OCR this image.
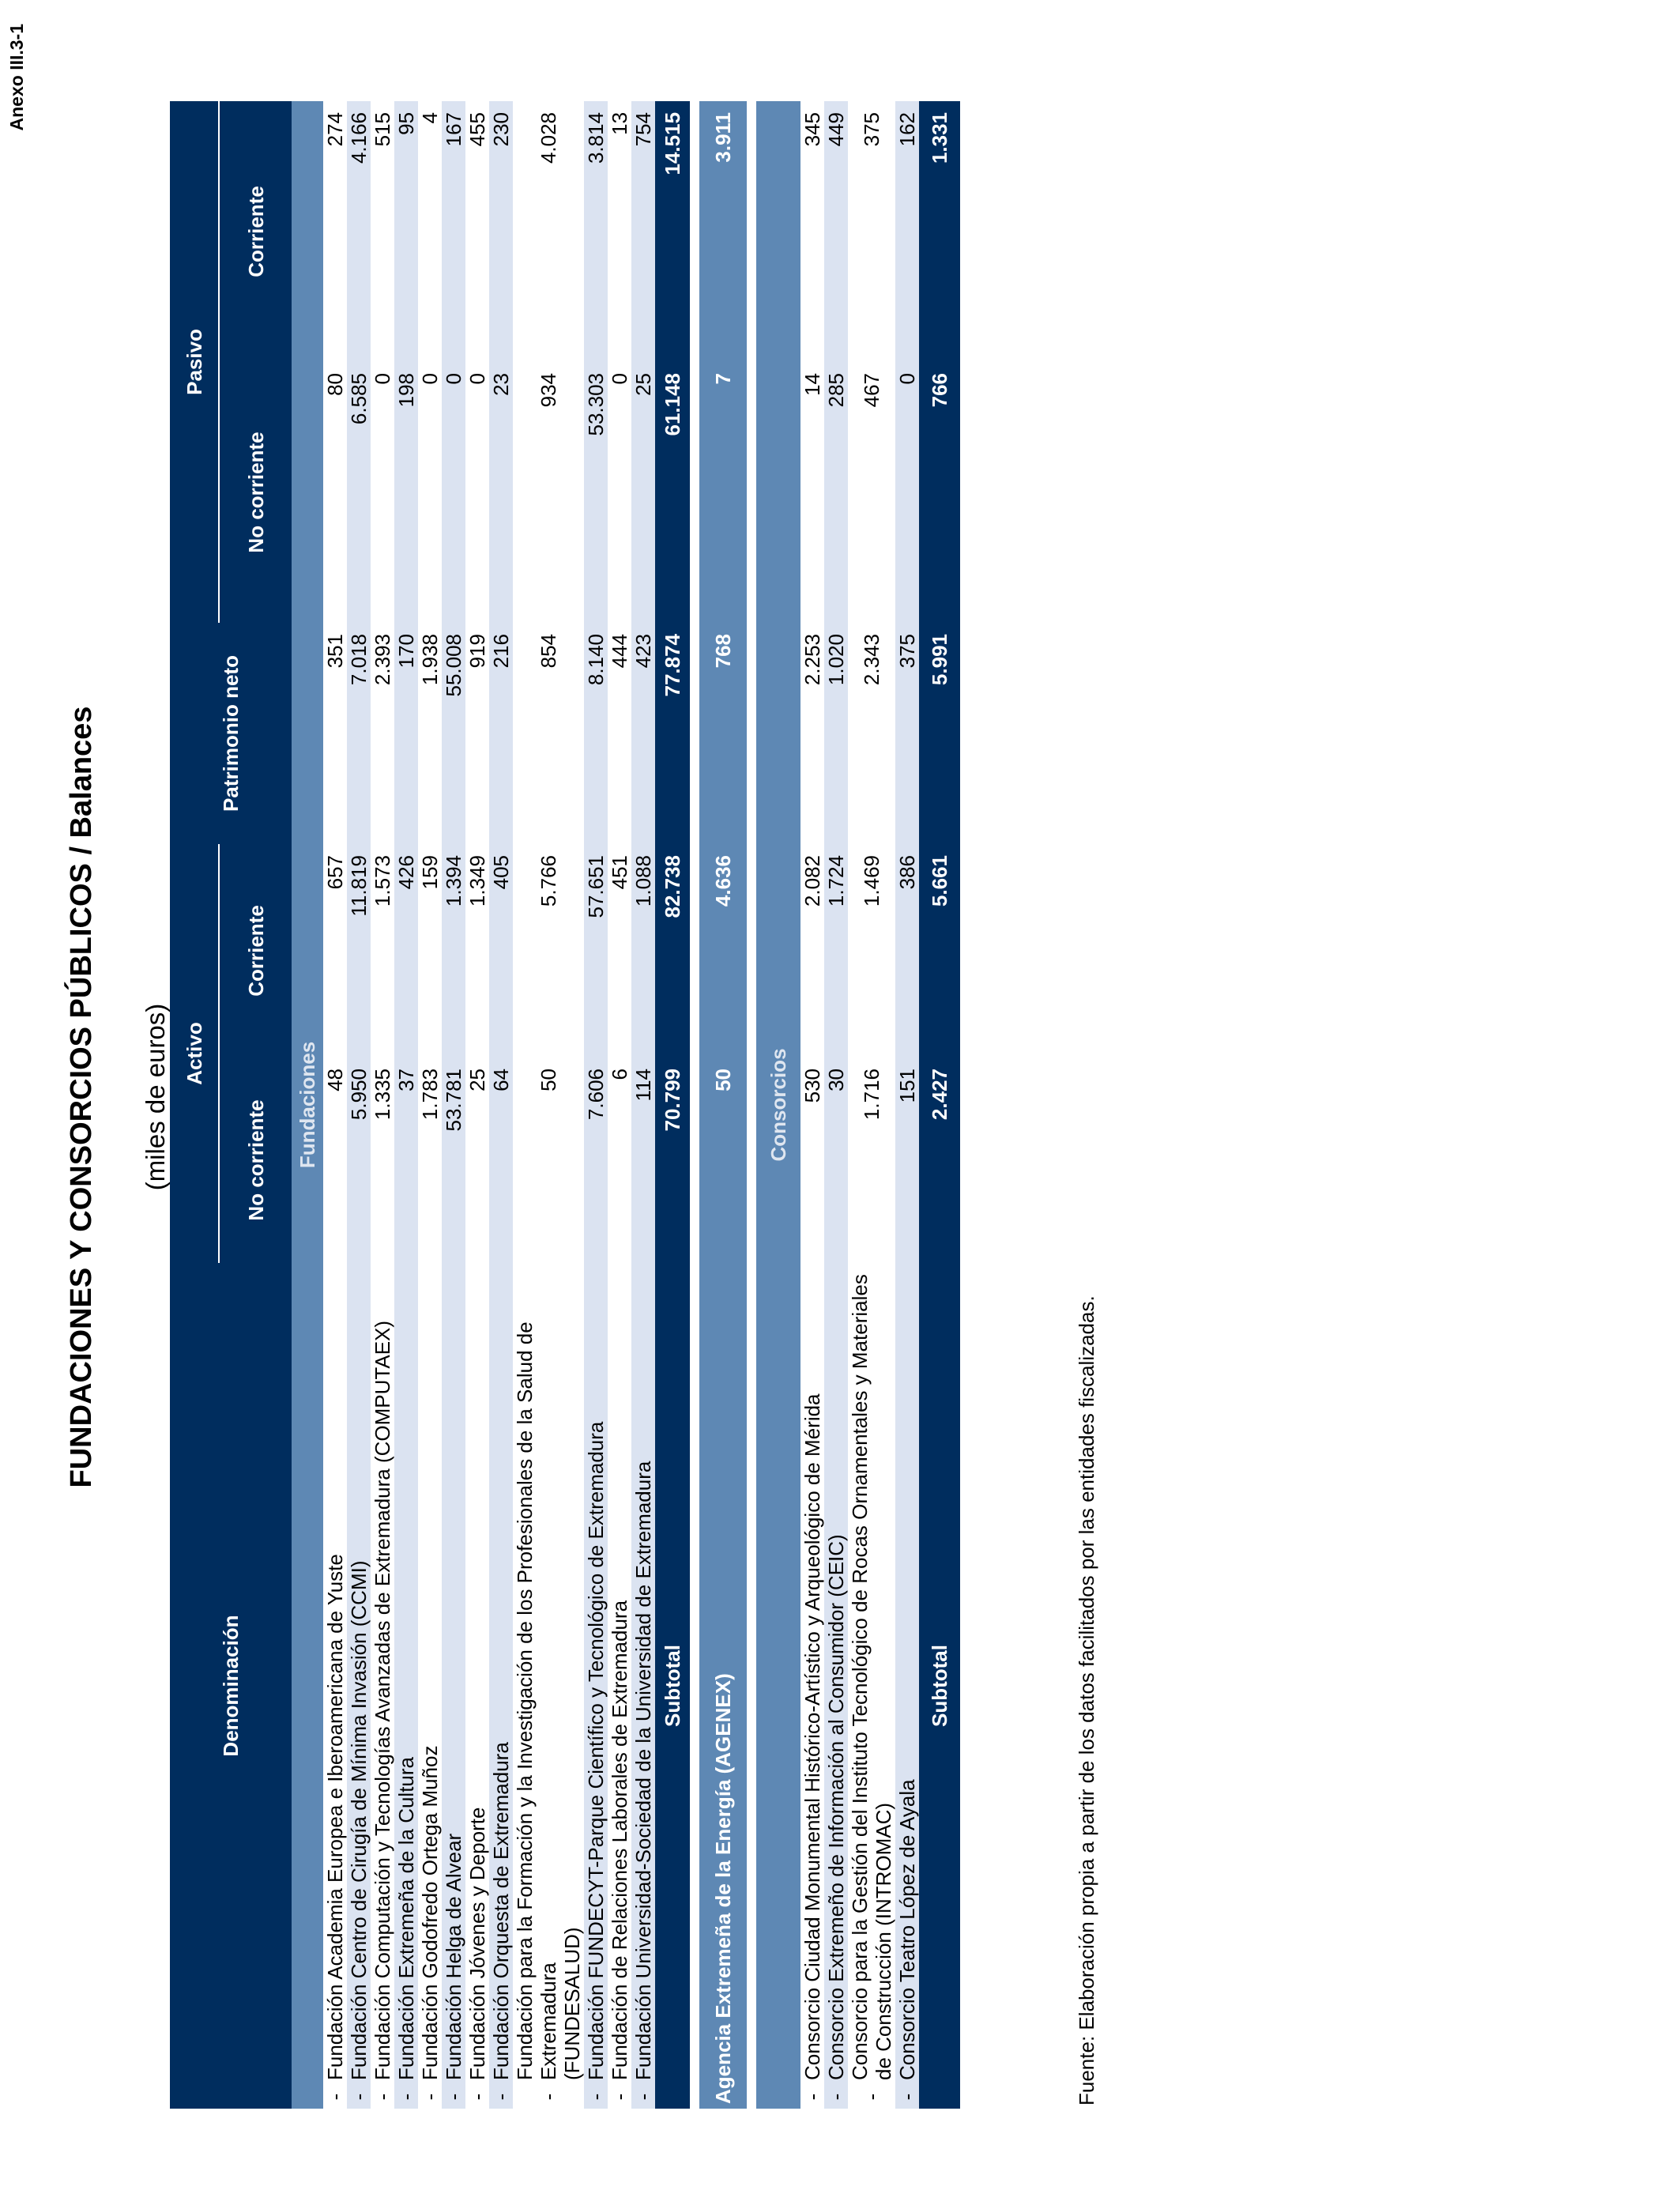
Anexo III.3-1
FUNDACIONES Y CONSORCIOS PÚBLICOS / Balances (miles de euros)
Denominación		Activo		Patrimonio neto	Pasivo	
		No corriente	Corriente		No corriente	Corriente
Fundaciones						
-	Fundación Academia Europea e Iberoamericana de Yuste	48	657	351	80	274
-	Fundación Centro de Cirugía de Mínima Invasión (CCMI)	5.950	11.819	7.018	6.585	4.166
-	Fundación Computación y Tecnologías Avanzadas de Extremadura (COMPUTAEX)	1.335	1.573	2.393	0	515
-	Fundación Extremeña de la Cultura	37	426	170	198	95
-	Fundación Godofredo Ortega Muñoz	1.783	159	1.938	0	4
-	Fundación Helga de Alvear	53.781	1.394	55.008	0	167
-	Fundación Jóvenes y Deporte	25	1.349	919	0	455
-	Fundación Orquesta de Extremadura	64	405	216	23	230
-	Fundación para la Formación y la Investigación de los Profesionales de la Salud de Extremadura (FUNDESALUD)	50	5.766	854	934	4.028
-	Fundación FUNDECYT-Parque Científico y Tecnológico de Extremadura	7.606	57.651	8.140	53.303	3.814
-	Fundación de Relaciones Laborales de Extremadura	6	451	444	0	13
-	Fundación Universidad-Sociedad de la Universidad de Extremadura	114	1.088	423	25	754
Subtotal		70.799	82.738	77.874	61.148	14.515

Agencia Extremeña de la Energía (AGENEX)		50	4.636	768	7	3.911

Consorcios						
-	Consorcio Ciudad Monumental Histórico-Artístico y Arqueológico de Mérida	530	2.082	2.253	14	345
-	Consorcio Extremeño de Información al Consumidor (CEIC)	30	1.724	1.020	285	449
-	Consorcio para la Gestión del Instituto Tecnológico de Rocas Ornamentales y Materiales de Construcción (INTROMAC)	1.716	1.469	2.343	467	375
-	Consorcio Teatro López de Ayala	151	386	375	0	162
Subtotal		2.427	5.661	5.991	766	1.331
Fuente: Elaboración propia a partir de los datos facilitados por las entidades fiscalizadas.
